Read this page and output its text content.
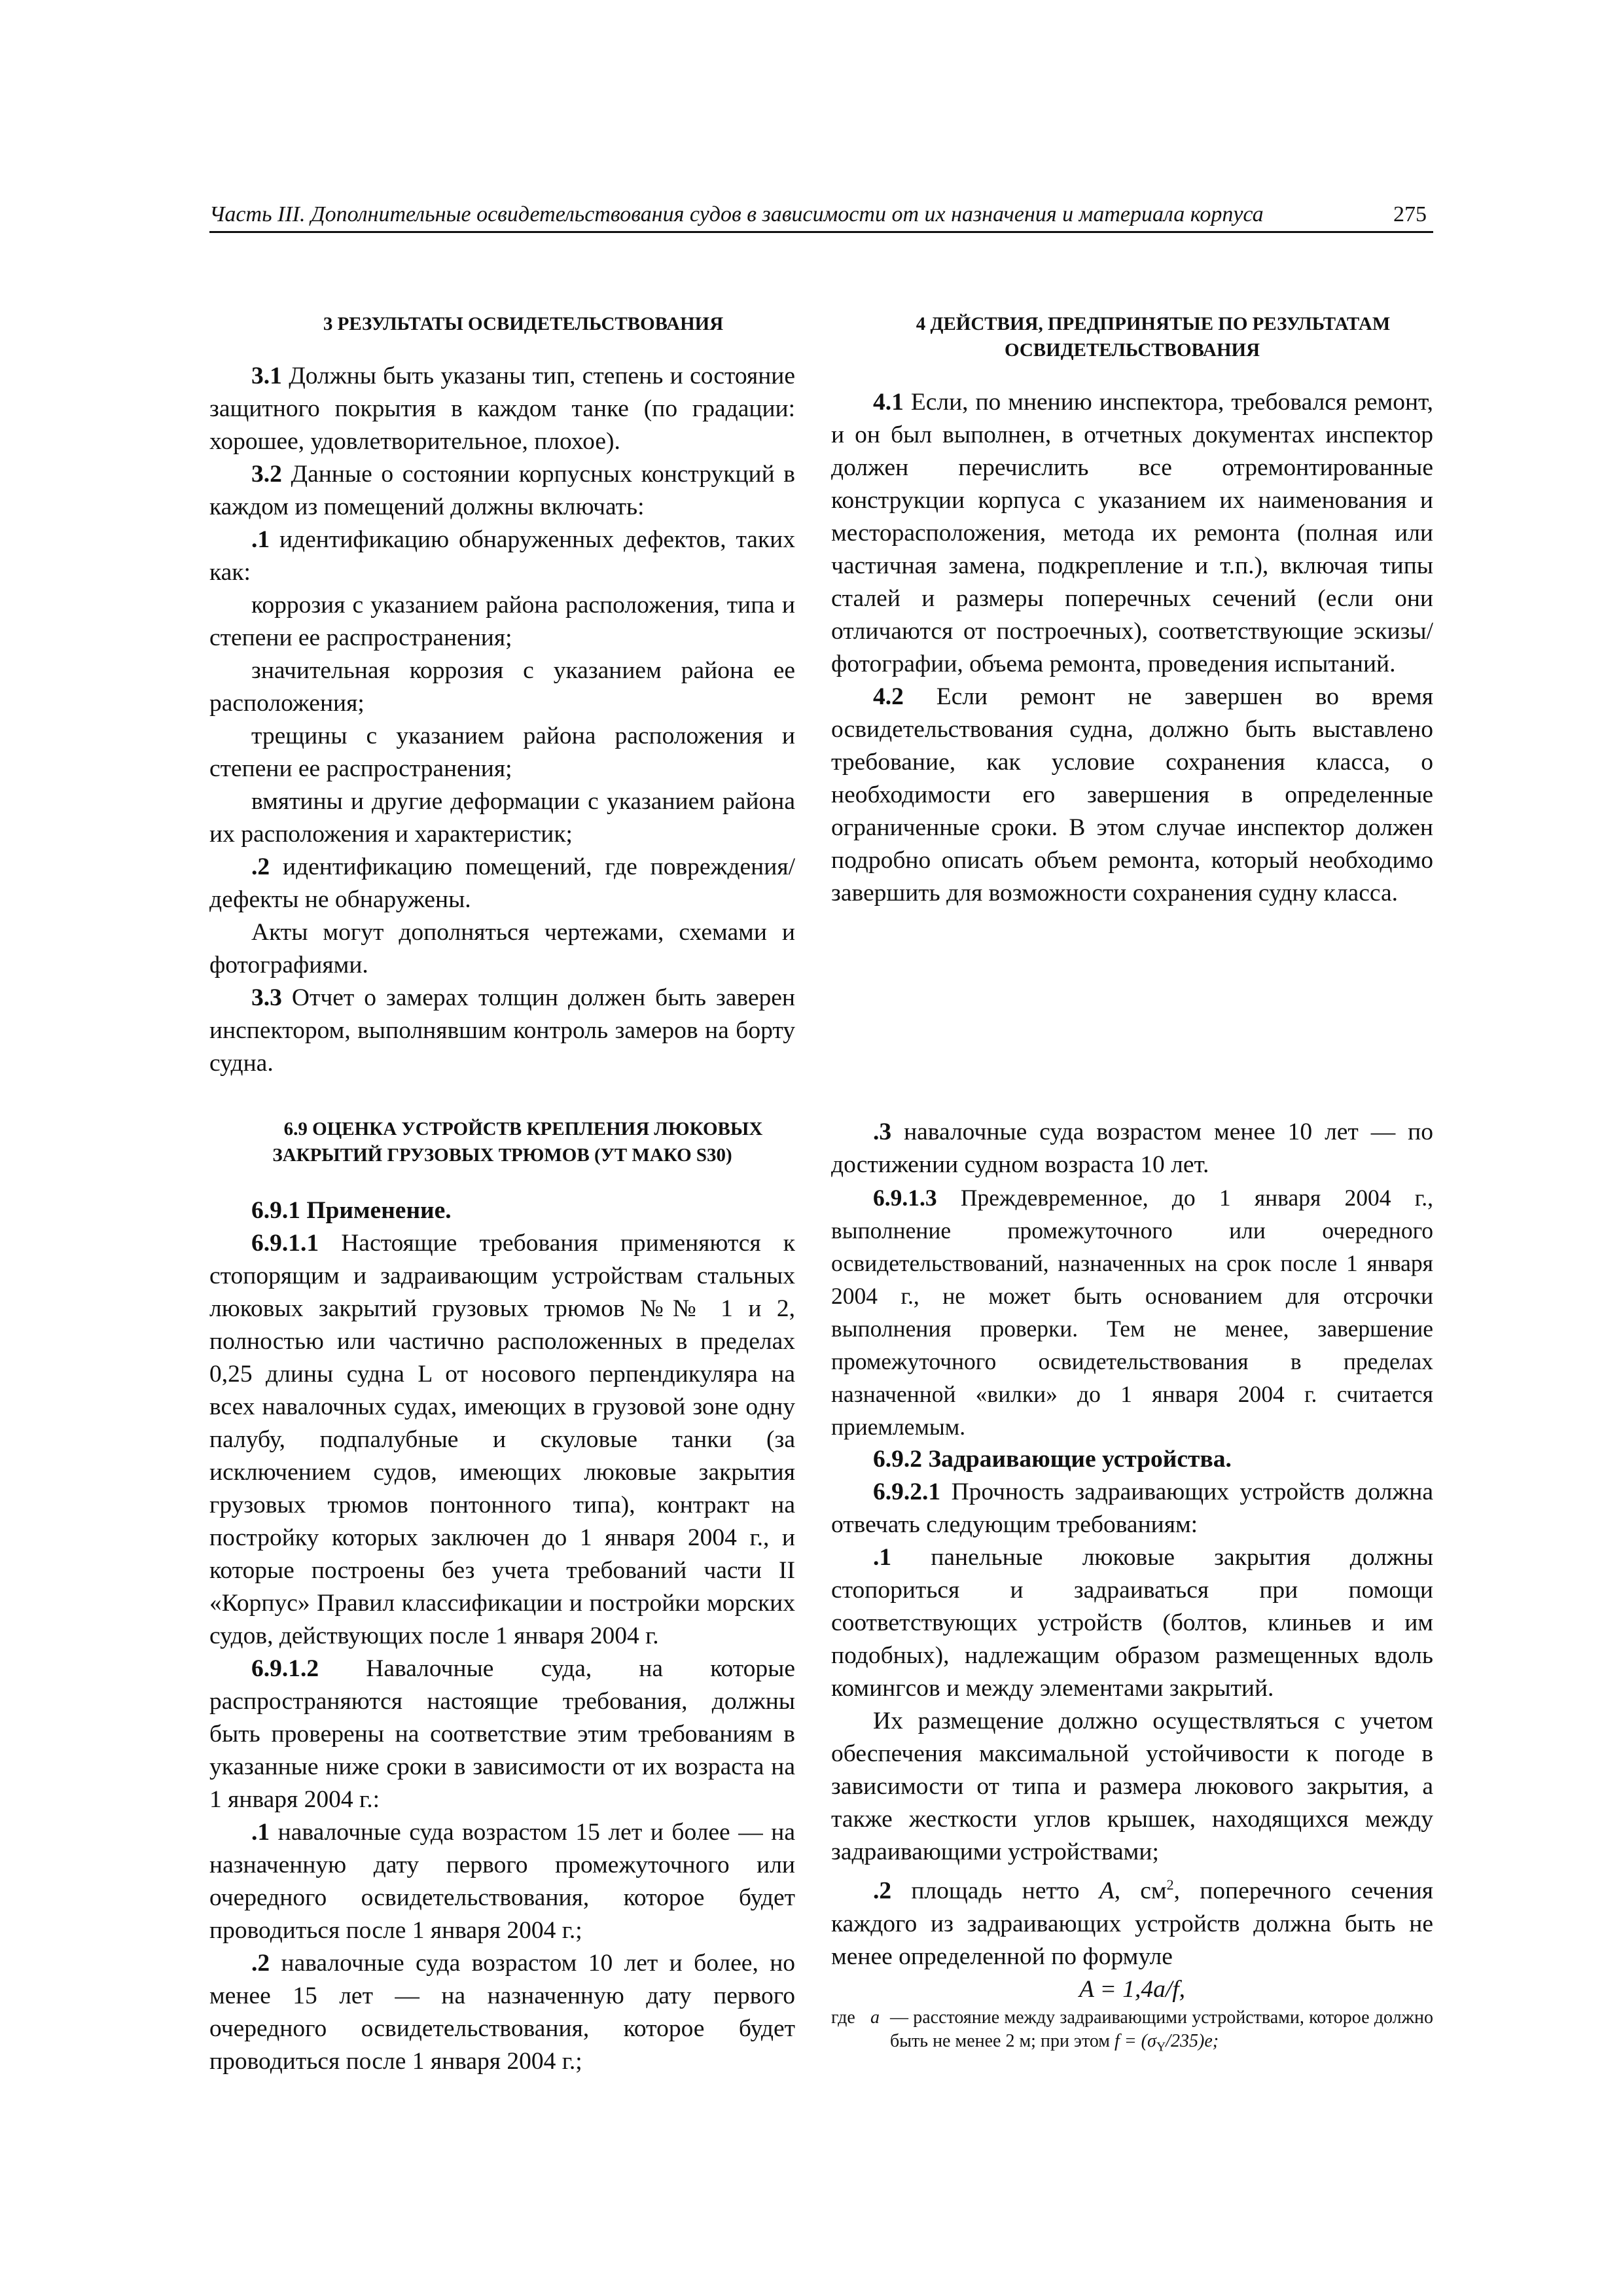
Часть III. Дополнительные освидетельствования судов в зависимости от их назначения и материала корпуса	275

3 РЕЗУЛЬТАТЫ ОСВИДЕТЕЛЬСТВОВАНИЯ

3.1 Должны быть указаны тип, степень и состояние защитного покрытия в каждом танке (по градации: хорошее, удовлетворительное, плохое).

3.2 Данные о состоянии корпусных конструкций в каждом из помещений должны включать:

.1 идентификацию обнаруженных дефектов, таких как:

коррозия с указанием района расположения, типа и степени ее распространения;

значительная коррозия с указанием района ее расположения;

трещины с указанием района расположения и степени ее распространения;

вмятины и другие деформации с указанием района их расположения и характеристик;

.2 идентификацию помещений, где повреждения/дефекты не обнаружены.

Акты могут дополняться чертежами, схемами и фотографиями.

3.3 Отчет о замерах толщин должен быть заверен инспектором, выполнявшим контроль замеров на борту судна.

4 ДЕЙСТВИЯ, ПРЕДПРИНЯТЫЕ ПО РЕЗУЛЬТАТАМ ОСВИДЕТЕЛЬСТВОВАНИЯ

4.1 Если, по мнению инспектора, требовался ремонт, и он был выполнен, в отчетных документах инспектор должен перечислить все отремонтированные конструкции корпуса с указанием их наименования и месторасположения, метода их ремонта (полная или частичная замена, подкрепление и т.п.), включая типы сталей и размеры поперечных сечений (если они отличаются от построечных), соответствующие эскизы/фотографии, объема ремонта, проведения испытаний.

4.2 Если ремонт не завершен во время освидетельствования судна, должно быть выставлено требование, как условие сохранения класса, о необходимости его завершения в определенные ограниченные сроки. В этом случае инспектор должен подробно описать объем ремонта, который необходимо завершить для возможности сохранения судну класса.

6.9 ОЦЕНКА УСТРОЙСТВ КРЕПЛЕНИЯ ЛЮКОВЫХ ЗАКРЫТИЙ ГРУЗОВЫХ ТРЮМОВ (УТ МАКО S30)

6.9.1 Применение.

6.9.1.1 Настоящие требования применяются к стопорящим и задраивающим устройствам стальных люковых закрытий грузовых трюмов №№ 1 и 2, полностью или частично расположенных в пределах 0,25 длины судна L от носового перпендикуляра на всех навалочных судах, имеющих в грузовой зоне одну палубу, подпалубные и скуловые танки (за исключением судов, имеющих люковые закрытия грузовых трюмов понтонного типа), контракт на постройку которых заключен до 1 января 2004 г., и которые построены без учета требований части II «Корпус» Правил классификации и постройки морских судов, действующих после 1 января 2004 г.

6.9.1.2 Навалочные суда, на которые распространяются настоящие требования, должны быть проверены на соответствие этим требованиям в указанные ниже сроки в зависимости от их возраста на 1 января 2004 г.:

.1 навалочные суда возрастом 15 лет и более — на назначенную дату первого промежуточного или очередного освидетельствования, которое будет проводиться после 1 января 2004 г.;

.2 навалочные суда возрастом 10 лет и более, но менее 15 лет — на назначенную дату первого очередного освидетельствования, которое будет проводиться после 1 января 2004 г.;

.3 навалочные суда возрастом менее 10 лет — по достижении судном возраста 10 лет.

6.9.1.3 Преждевременное, до 1 января 2004 г., выполнение промежуточного или очередного освидетельствований, назначенных на срок после 1 января 2004 г., не может быть основанием для отсрочки выполнения проверки. Тем не менее, завершение промежуточного освидетельствования в пределах назначенной «вилки» до 1 января 2004 г. считается приемлемым.

6.9.2 Задраивающие устройства.

6.9.2.1 Прочность задраивающих устройств должна отвечать следующим требованиям:

.1 панельные люковые закрытия должны стопориться и задраиваться при помощи соответствующих устройств (болтов, клиньев и им подобных), надлежащим образом размещенных вдоль комингсов и между элементами закрытий.

Их размещение должно осуществляться с учетом обеспечения максимальной устойчивости к погоде в зависимости от типа и размера люкового закрытия, а также жесткости углов крышек, находящихся между задраивающими устройствами;

.2 площадь нетто A, $см^2$, поперечного сечения каждого из задраивающих устройств должна быть не менее определенной по формуле

A = 1,4a/f,

где a — расстояние между задраивающими устройствами, которое должно быть не менее 2 м; при этом $f = (\sigma_Y/235)e$;
